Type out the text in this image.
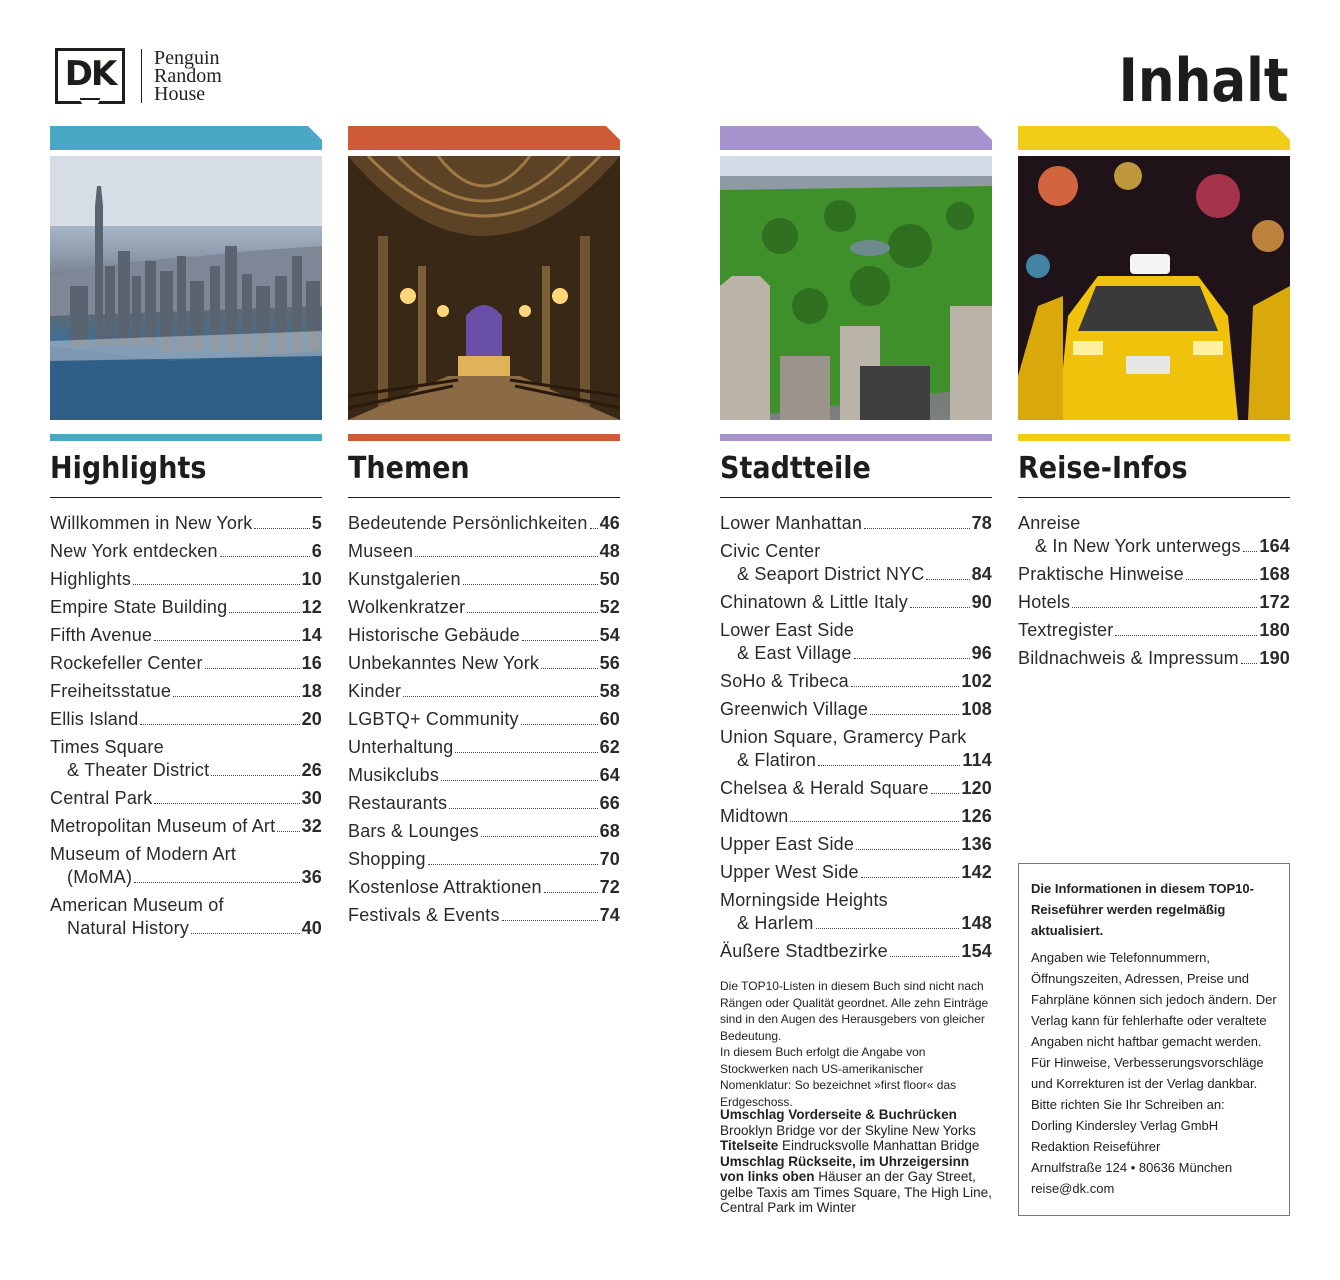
DK Penguin
Random
House	Inhalt
Highlights
Willkommen in New York	5
New York entdecken	6
Highlights	10
Empire State Building	12
Fifth Avenue	14
Rockefeller Center	16
Freiheitsstatue	18
Ellis Island	20
Times Square
& Theater District	26
Central Park	30
Metropolitan Museum of Art 32
Museum of Modern Art
(MoMA)	36
American Museum of
Natural History	40
Themen
Bedeutende Persönlichkeiten 46
Museen	48
Kunstgalerien	50
Wolkenkratzer	52
Historische Gebäude	54
Unbekanntes New York	56
Kinder	58
LGBTQ+ Community	60
Unterhaltung	62
Musikclubs	64
Restaurants	66
Bars & Lounges	68
Shopping	70
Kostenlose Attraktionen	72
Festivals & Events	74
Stadtteile
Lower Manhattan	78
Civic Center
& Seaport District NYC	84
Chinatown & Little Italy	90
Lower East Side
& East Village	96
SoHo & Tribeca	102
Greenwich Village	108
Union Square, Gramercy Park
& Flatiron	114
Chelsea & Herald Square 120
Midtown	126
Upper East Side	136
Upper West Side	142
Morningside Heights
& Harlem	148
Äußere Stadtbezirke	154
Reise-Infos
Anreise
& In New York unterwegs 164
Praktische Hinweise	168
Hotels	172
Textregister	180
Bildnachweis & Impressum 190

Die TOP10-Listen in diesem Buch sind nicht nach Rängen oder Qualität geordnet. Alle zehn Einträge sind in den Augen des Herausgebers von gleicher Bedeutung.

In diesem Buch erfolgt die Angabe von Stockwerken nach US-amerikanischer Nomenklatur: So bezeichnet »first floor« das Erdgeschoss.

Umschlag Vorderseite & Buchrücken
Brooklyn Bridge vor der Skyline New Yorks
Titelseite Eindrucksvolle Manhattan Bridge
Umschlag Rückseite, im Uhrzeigersinn von links oben Häuser an der Gay Street, gelbe Taxis am Times Square, The High Line, Central Park im Winter

Die Informationen in diesem TOP10-Reiseführer werden regelmäßig aktualisiert.

Angaben wie Telefonnummern, Öffnungszeiten, Adressen, Preise und Fahrpläne können sich jedoch ändern. Der Verlag kann für fehlerhafte oder veraltete Angaben nicht haftbar gemacht werden. Für Hinweise, Verbesserungsvorschläge und Korrekturen ist der Verlag dankbar. Bitte richten Sie Ihr Schreiben an:

Dorling Kindersley Verlag GmbH

Redaktion Reiseführer

Arnulfstraße 124 • 80636 München

reise@dk.com
